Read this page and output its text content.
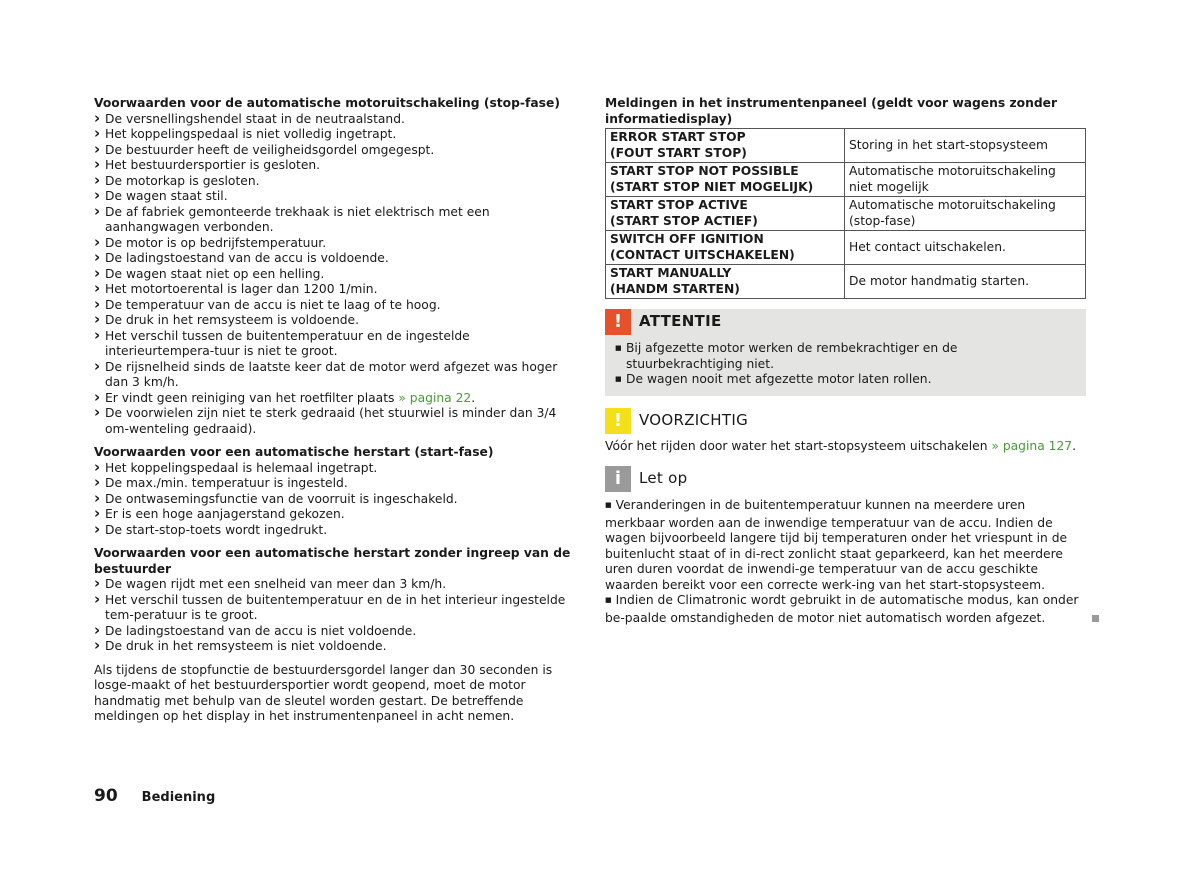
Voorwaarden voor de automatische motoruitschakeling (stop-fase)

› De versnellingshendel staat in de neutraalstand.
› Het koppelingspedaal is niet volledig ingetrapt.
› De bestuurder heeft de veiligheidsgordel omgegespt.
› Het bestuurdersportier is gesloten.
› De motorkap is gesloten.
› De wagen staat stil.
› De af fabriek gemonteerde trekhaak is niet elektrisch met een aanhangwagen verbonden.
› De motor is op bedrijfstemperatuur.
› De ladingstoestand van de accu is voldoende.
› De wagen staat niet op een helling.
› Het motortoerental is lager dan 1200 1/min.
› De temperatuur van de accu is niet te laag of te hoog.
› De druk in het remsysteem is voldoende.
› Het verschil tussen de buitentemperatuur en de ingestelde interieurtempera-tuur is niet te groot.
› De rijsnelheid sinds de laatste keer dat de motor werd afgezet was hoger dan 3 km/h.
› Er vindt geen reiniging van het roetfilter plaats » pagina 22.
› De voorwielen zijn niet te sterk gedraaid (het stuurwiel is minder dan 3/4 om-wenteling gedraaid).

Voorwaarden voor een automatische herstart (start-fase)

› Het koppelingspedaal is helemaal ingetrapt.
› De max./min. temperatuur is ingesteld.
› De ontwasemingsfunctie van de voorruit is ingeschakeld.
› Er is een hoge aanjagerstand gekozen.
› De start-stop-toets wordt ingedrukt.

Voorwaarden voor een automatische herstart zonder ingreep van de bestuurder

› De wagen rijdt met een snelheid van meer dan 3 km/h.
› Het verschil tussen de buitentemperatuur en de in het interieur ingestelde tem-peratuur is te groot.
› De ladingstoestand van de accu is niet voldoende.
› De druk in het remsysteem is niet voldoende.

Als tijdens de stopfunctie de bestuurdersgordel langer dan 30 seconden is losge-maakt of het bestuurdersportier wordt geopend, moet de motor handmatig met behulp van de sleutel worden gestart. De betreffende meldingen op het display in het instrumentenpaneel in acht nemen.

Meldingen in het instrumentenpaneel (geldt voor wagens zonder informatiedisplay)

ERROR START STOP
(FOUT START STOP)	Storing in het start-stopsysteem

START STOP NOT POSSIBLE
(START STOP NIET MOGELIJK)	Automatische motoruitschakeling niet mogelijk

START STOP ACTIVE
(START STOP ACTIEF)	Automatische motoruitschakeling (stop-fase)

SWITCH OFF IGNITION
(CONTACT UITSCHAKELEN)	Het contact uitschakelen.

START MANUALLY
(HANDM STARTEN)	De motor handmatig starten.
!	ATTENTIE
■ Bij afgezette motor werken de rembekrachtiger en de stuurbekrachtiging niet.
■ De wagen nooit met afgezette motor laten rollen.
!	VOORZICHTIG

Vóór het rijden door water het start-stopsysteem uitschakelen » pagina 127.

i	Let op

■ Veranderingen in de buitentemperatuur kunnen na meerdere uren merkbaar worden aan de inwendige temperatuur van de accu. Indien de wagen bijvoorbeeld langere tijd bij temperaturen onder het vriespunt in de buitenlucht staat of in di-rect zonlicht staat geparkeerd, kan het meerdere uren duren voordat de inwendi-ge temperatuur van de accu geschikte waarden bereikt voor een correcte werk-ing van het start-stopsysteem.

■ Indien de Climatronic wordt gebruikt in de automatische modus, kan onder be-paalde omstandigheden de motor niet automatisch worden afgezet.

90 Bediening
